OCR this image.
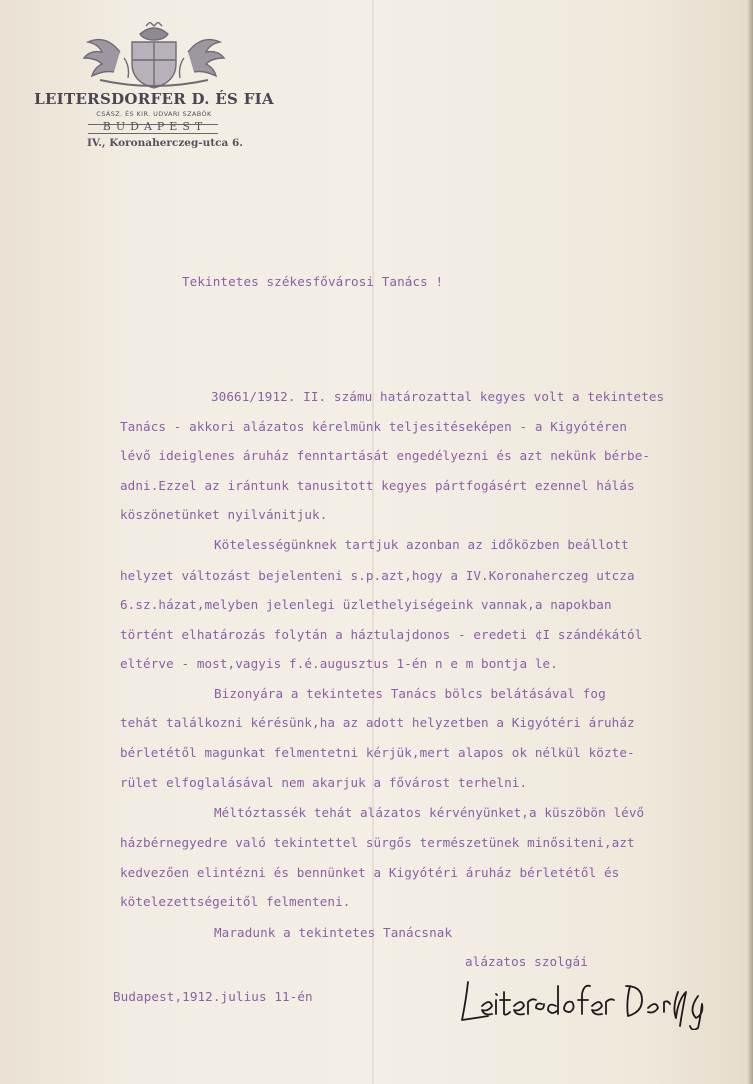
LEITERSDORFER D. ÉS FIA
CSÁSZ. ÉS KIR. UDVARI SZABÓK
BUDAPEST
IV., Koronaherczeg-utca 6.
Tekintetes székesfővárosi Tanács !
30661/1912. II. számu határozattal kegyes volt a tekintetes
Tanács - akkori alázatos kérelmünk teljesitéseképen - a Kigyótéren
lévő ideiglenes áruház fenntartását engedélyezni és azt nekünk bérbe-
adni.Ezzel az irántunk tanusitott kegyes pártfogásért ezennel hálás
köszönetünket nyilvánitjuk.
Kötelességünknek tartjuk azonban az időközben beállott
helyzet változást bejelenteni s.p.azt,hogy a IV.Koronaherczeg utcza
6.sz.házat,melyben jelenlegi üzlethelyiségeink vannak,a napokban
történt elhatározás folytán a háztulajdonos - eredeti ¢I szándékától
eltérve - most,vagyis f.é.augusztus 1-én n e m bontja le.
Bizonyára a tekintetes Tanács bölcs belátásával fog
tehát találkozni kérésünk,ha az adott helyzetben a Kigyótéri áruház
bérletétől magunkat felmentetni kérjük,mert alapos ok nélkül közte-
rület elfoglalásával nem akarjuk a fővárost terhelni.
Méltóztassék tehát alázatos kérvényünket,a küszöbön lévő
házbérnegyedre való tekintettel sürgős természetünek minősiteni,azt
kedvezően elintézni és bennünket a Kigyótéri áruház bérletétől és
kötelezettségeitől felmenteni.
Maradunk a tekintetes Tanácsnak
alázatos szolgái
Budapest,1912.julius 11-én
